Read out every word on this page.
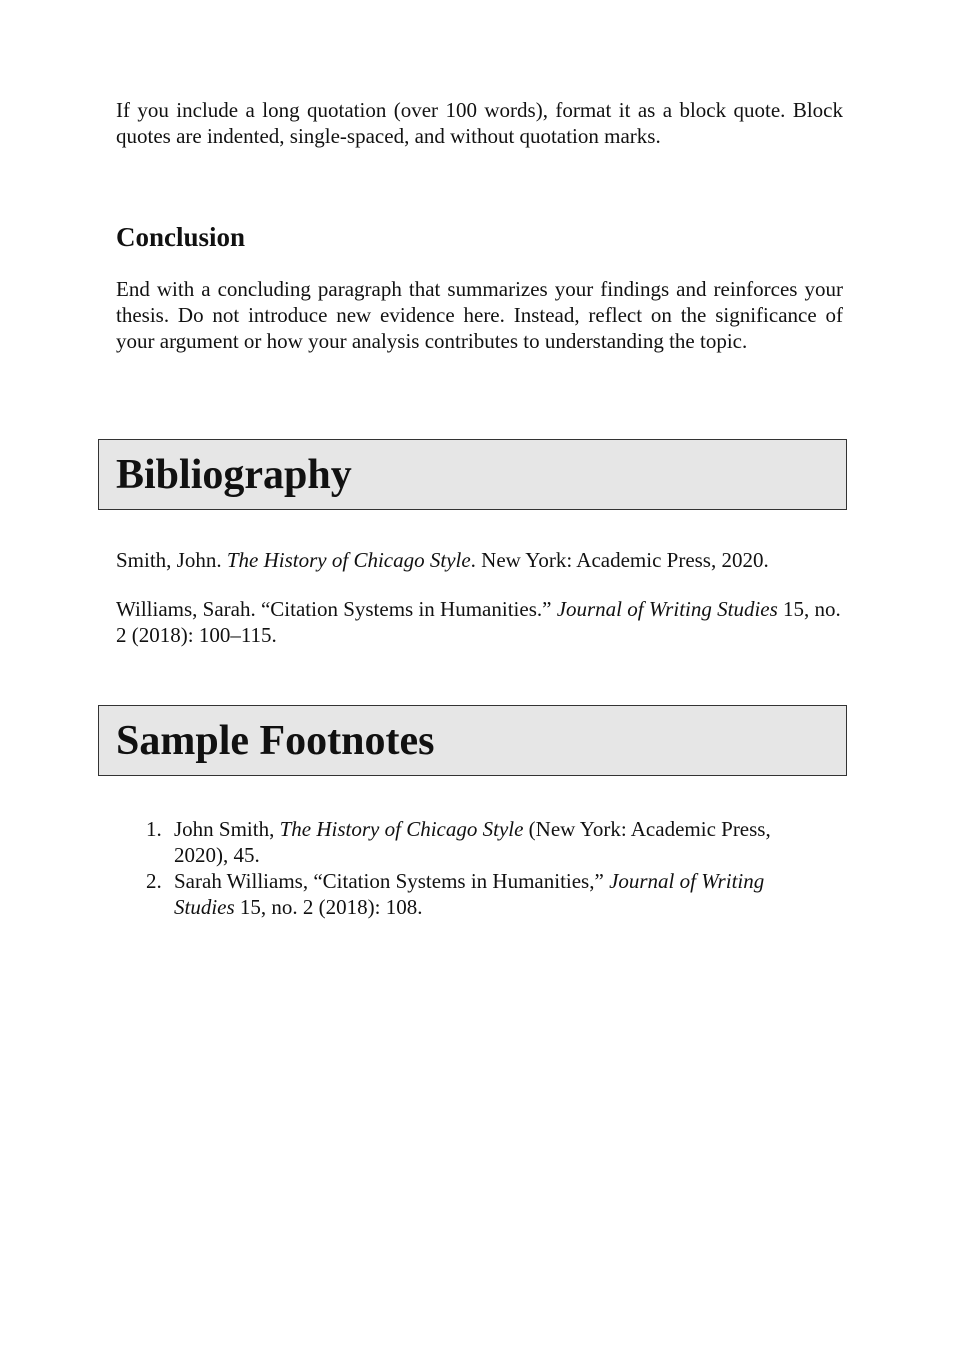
If you include a long quotation (over 100 words), format it as a block quote. Block quotes are indented, single-spaced, and without quotation marks.

Conclusion

End with a concluding paragraph that summarizes your findings and reinforces your thesis. Do not introduce new evidence here. Instead, reflect on the significance of your argument or how your analysis contributes to understanding the topic.

Bibliography

Smith, John. The History of Chicago Style. New York: Academic Press, 2020.

Williams, Sarah. “Citation Systems in Humanities.” Journal of Writing Studies 15, no. 2 (2018): 100–115.

Sample Footnotes
1. John Smith, The History of Chicago Style (New York: Academic Press, 2020), 45.
2. Sarah Williams, “Citation Systems in Humanities,” Journal of Writing Studies 15, no. 2 (2018): 108.
